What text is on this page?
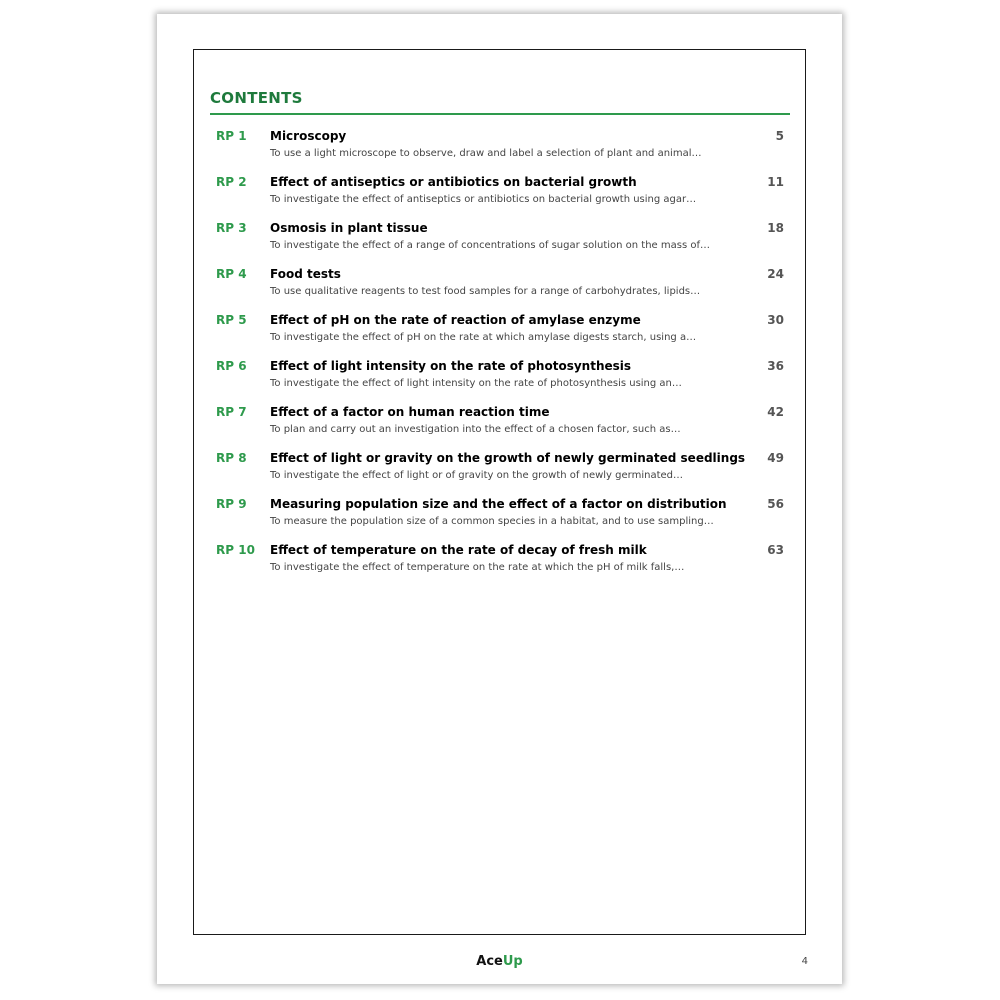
CONTENTS
RP 1	Microscopy
To use a light microscope to observe, draw and label a selection of plant and animal…
5
RP 2	Effect of antiseptics or antibiotics on bacterial growth
To investigate the effect of antiseptics or antibiotics on bacterial growth using agar…
11
RP 3	Osmosis in plant tissue
To investigate the effect of a range of concentrations of sugar solution on the mass of…
18
RP 4	Food tests
To use qualitative reagents to test food samples for a range of carbohydrates, lipids…
24
RP 5	Effect of pH on the rate of reaction of amylase enzyme
To investigate the effect of pH on the rate at which amylase digests starch, using a…
30
RP 6	Effect of light intensity on the rate of photosynthesis
To investigate the effect of light intensity on the rate of photosynthesis using an…
36
RP 7	Effect of a factor on human reaction time
To plan and carry out an investigation into the effect of a chosen factor, such as…
42
RP 8	Effect of light or gravity on the growth of newly germinated seedlings
To investigate the effect of light or of gravity on the growth of newly germinated…
49
RP 9	Measuring population size and the effect of a factor on distribution
To measure the population size of a common species in a habitat, and to use sampling…
56
RP 10	Effect of temperature on the rate of decay of fresh milk
To investigate the effect of temperature on the rate at which the pH of milk falls,…
63
AceUp	4
